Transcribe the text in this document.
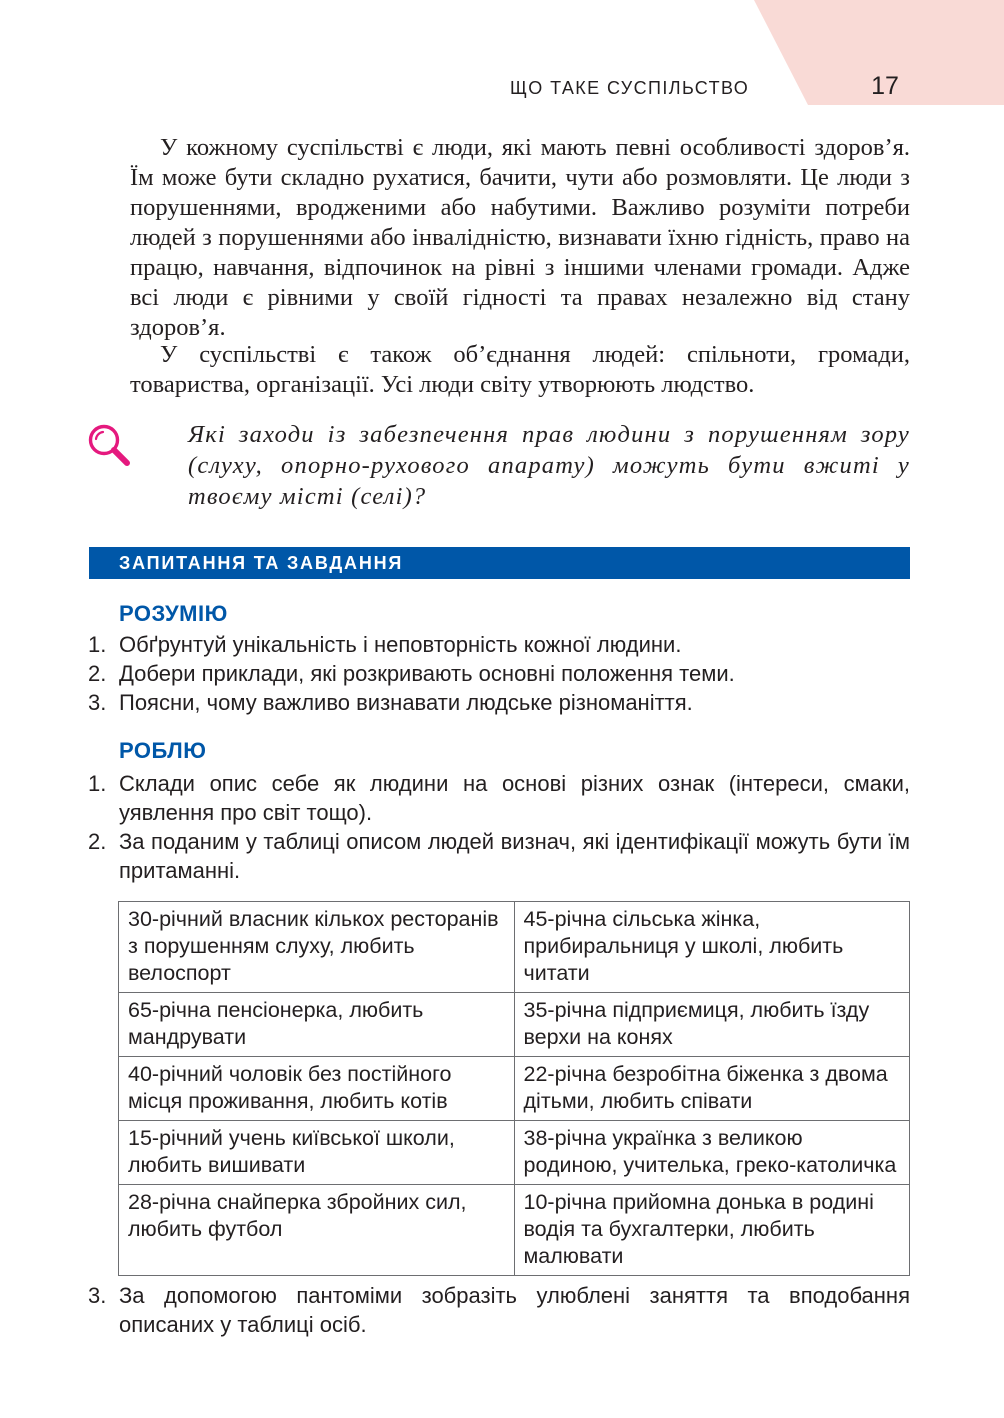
ЩО ТАКЕ СУСПІЛЬСТВО	17

У кожному суспільстві є люди, які мають певні особливості здоров’я. Їм може бути складно рухатися, бачити, чути або розмовляти. Це люди з порушеннями, вродженими або набутими. Важливо розуміти потреби людей з порушеннями або інвалідністю, визнавати їхню гідність, право на працю, навчання, відпочинок на рівні з іншими членами громади. Адже всі люди є рівними у своїй гідності та правах незалежно від стану здоров’я.

У суспільстві є також об’єднання людей: спільноти, громади, товариства, організації. Усі люди світу утворюють людство.

Які заходи із забезпечення прав людини з порушенням зору (слуху, опорно-рухового апарату) можуть бути вжиті у твоєму місті (селі)?

ЗАПИТАННЯ ТА ЗАВДАННЯ
РОЗУМІЮ
1. Обґрунтуй унікальність і неповторність кожної людини.
2. Добери приклади, які розкривають основні положення теми.
3. Поясни, чому важливо визнавати людське різноманіття.
РОБЛЮ
1. Склади опис себе як людини на основі різних ознак (інтереси, смаки, уявлення про світ тощо).
2. За поданим у таблиці описом людей визнач, які ідентифікації можуть бути їм притаманні.
30-річний власник кількох ресторанів з порушенням слуху, любить велоспорт	45-річна сільська жінка, прибиральниця у школі, любить читати
65-річна пенсіонерка, любить мандрувати	35-річна підприємиця, любить їзду верхи на конях
40-річний чоловік без постійного місця проживання, любить котів	22-річна безробітна біженка з двома дітьми, любить співати
15-річний учень київської школи, любить вишивати	38-річна українка з великою родиною, учителька, греко-католичка
28-річна снайперка збройних сил, любить футбол	10-річна прийомна донька в родині водія та бухгалтерки, любить малювати
3. За допомогою пантоміми зобразіть улюблені заняття та вподобання описаних у таблиці осіб.
